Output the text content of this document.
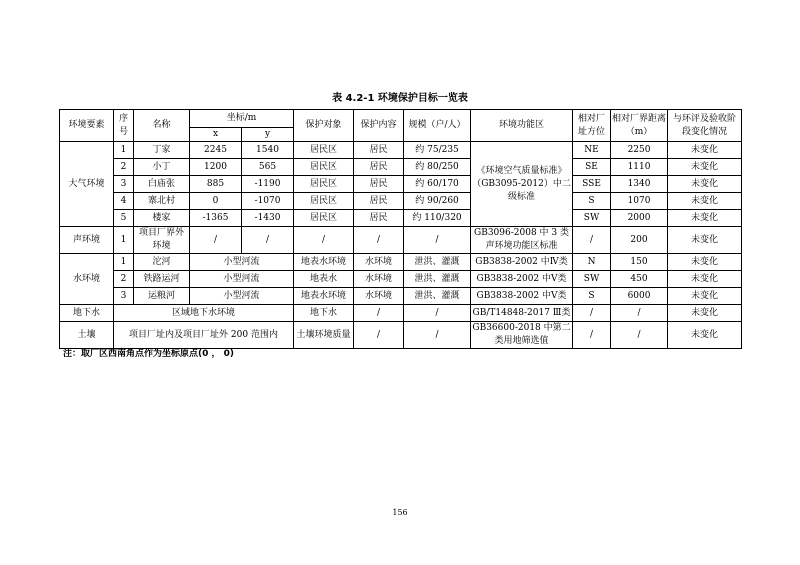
表 4.2-1 环境保护目标一览表
环境要素	序号	名称	坐标/m		保护对象	保护内容	规模（户/人）	环境功能区	相对厂址方位	相对厂界距离（m）	与环评及验收阶段变化情况
			x	y							
大气环境	1	丁家	2245	1540	居民区	居民	约 75/235	《环境空气质量标准》（GB3095-2012）中二级标准	NE	2250	未变化
	2	小丁	1200	565	居民区	居民	约 80/250		SE	1110	未变化
	3	白庙张	885	-1190	居民区	居民	约 60/170		SSE	1340	未变化
	4	寨北村	0	-1070	居民区	居民	约 90/260		S	1070	未变化
	5	楼家	-1365	-1430	居民区	居民	约 110/320		SW	2000	未变化
声环境	1	项目厂界外环境	/	/	/	/	/	GB3096-2008 中 3 类声环境功能区标准	/	200	未变化
水环境	1	沱河	小型河流		地表水环境	水环境	泄洪、灌溉	GB3838-2002 中Ⅳ类	N	150	未变化
	2	铁路运河	小型河流		地表水	水环境	泄洪、灌溉	GB3838-2002 中Ⅴ类	SW	450	未变化
	3	运粮河	小型河流		地表水环境	水环境	泄洪、灌溉	GB3838-2002 中Ⅴ类	S	6000	未变化
地下水	区域地下水环境				地下水	/	/	GB/T14848-2017 Ⅲ类	/	/	未变化
土壤	项目厂址内及项目厂址外 200 范围内				土壤环境质量	/	/	GB36600-2018 中第二类用地筛选值	/	/	未变化
注：取厂区西南角点作为坐标原点(0 ， 0)
156
